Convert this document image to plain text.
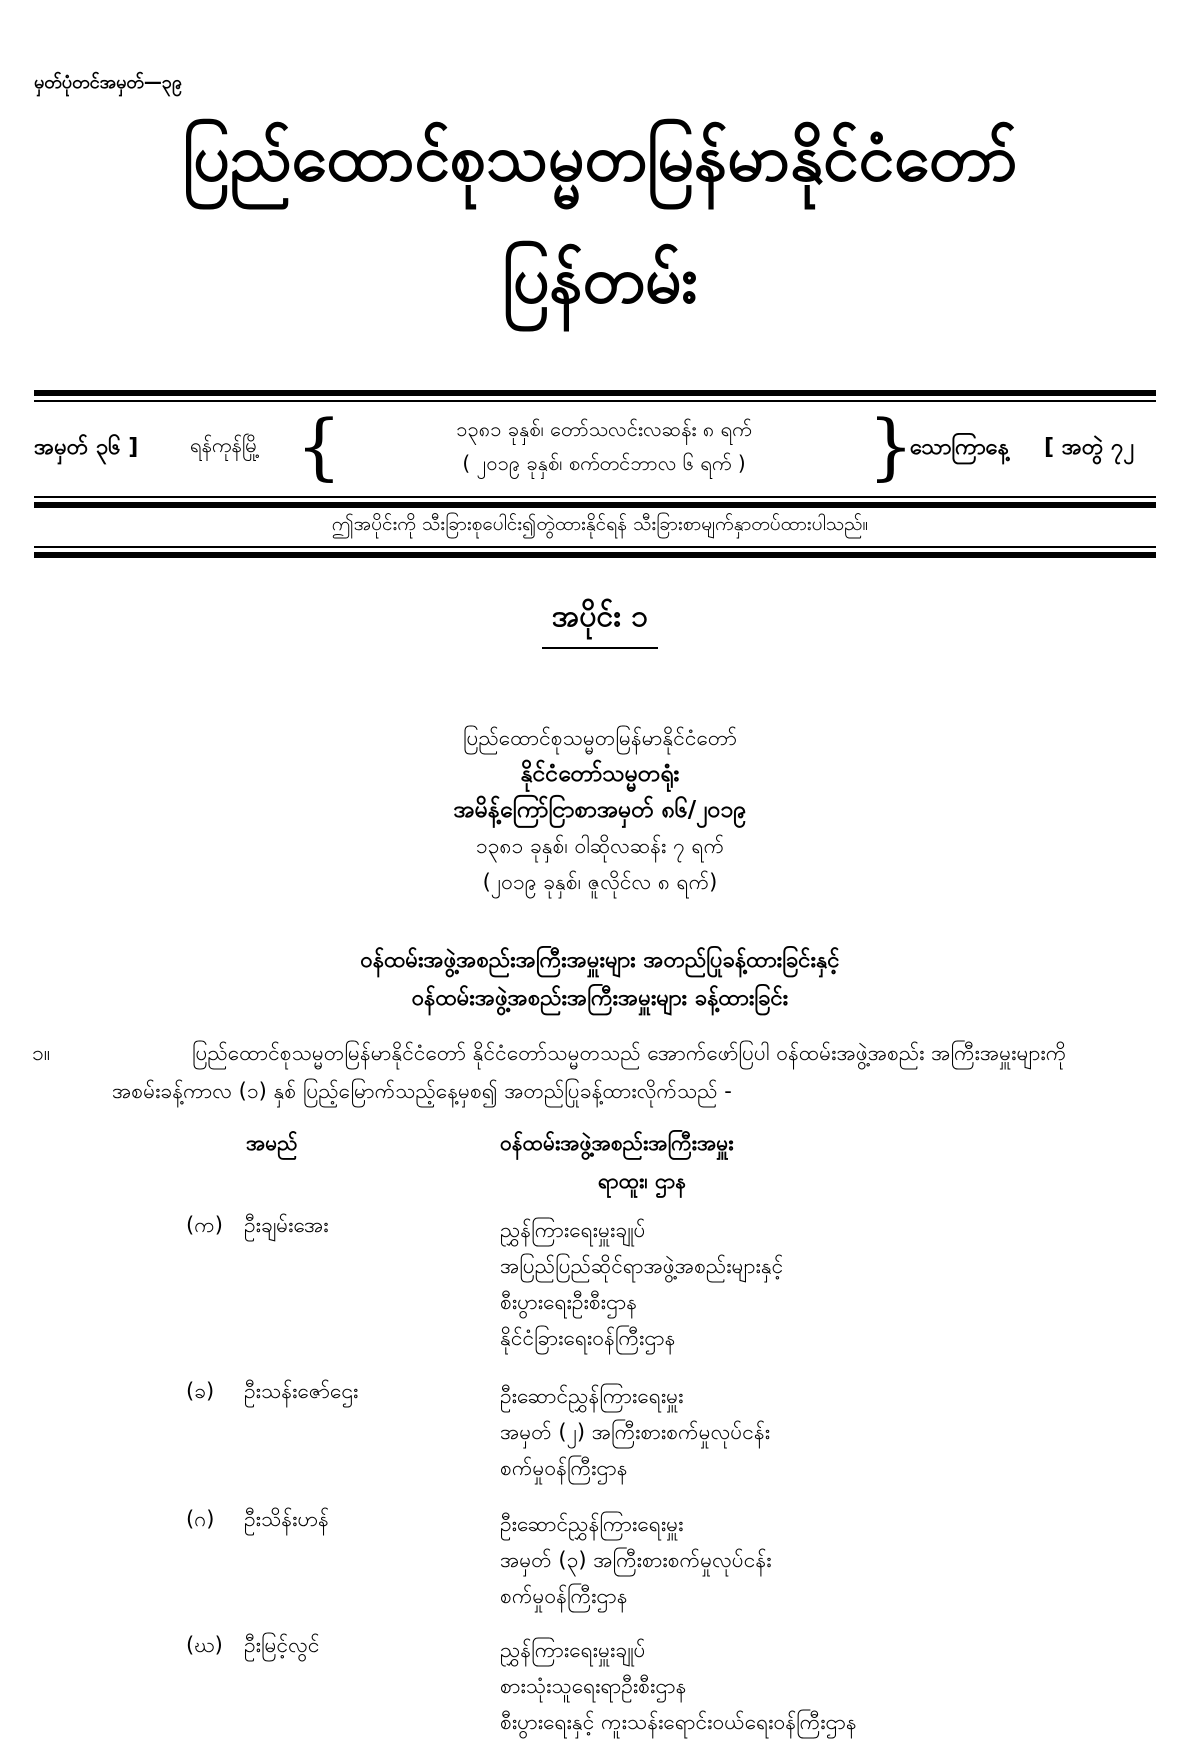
မှတ်ပုံတင်အမှတ်—၃၉
ပြည်ထောင်စုသမ္မတမြန်မာနိုင်ငံတော်
ပြန်တမ်း
အမှတ် ၃၆ ]	ရန်ကုန်မြို့ {	၁၃၈၁ ခုနှစ်၊ တော်သလင်းလဆန်း ၈ ရက်
( ၂၀၁၉ ခုနှစ်၊ စက်တင်ဘာလ ၆ ရက် )	}
သောကြာနေ့ [ အတွဲ ၇၂
ဤအပိုင်းကို သီးခြားစုပေါင်း၍တွဲထားနိုင်ရန် သီးခြားစာမျက်နှာတပ်ထားပါသည်။
အပိုင်း ၁
ပြည်ထောင်စုသမ္မတမြန်မာနိုင်ငံတော်
နိုင်ငံတော်သမ္မတရုံး
အမိန့်ကြော်ငြာစာအမှတ် ၈၆/၂၀၁၉
၁၃၈၁ ခုနှစ်၊ ဝါဆိုလဆန်း ၇ ရက်
(၂၀၁၉ ခုနှစ်၊ ဇူလိုင်လ ၈ ရက်)
ဝန်ထမ်းအဖွဲ့အစည်းအကြီးအမှူးများ အတည်ပြုခန့်ထားခြင်းနှင့်
ဝန်ထမ်းအဖွဲ့အစည်းအကြီးအမှူးများ ခန့်ထားခြင်း
၁။	ပြည်ထောင်စုသမ္မတမြန်မာနိုင်ငံတော် နိုင်ငံတော်သမ္မတသည် အောက်ဖော်ပြပါ ဝန်ထမ်းအဖွဲ့အစည်း အကြီးအမှူးများကို အစမ်းခန့်ကာလ (၁) နှစ် ပြည့်မြောက်သည့်နေ့မှစ၍ အတည်ပြုခန့်ထားလိုက်သည် -
အမည်	ဝန်ထမ်းအဖွဲ့အစည်းအကြီးအမှူး
ရာထူး၊ ဌာန
(က) ဦးချမ်းအေး	ညွှန်ကြားရေးမှူးချုပ်
အပြည်ပြည်ဆိုင်ရာအဖွဲ့အစည်းများနှင့်
စီးပွားရေးဦးစီးဌာန
နိုင်ငံခြားရေးဝန်ကြီးဌာန
(ခ) ဦးသန်းဇော်ဌေး	ဦးဆောင်ညွှန်ကြားရေးမှူး
အမှတ် (၂) အကြီးစားစက်မှုလုပ်ငန်း
စက်မှုဝန်ကြီးဌာန
(ဂ) ဦးသိန်းဟန်	ဦးဆောင်ညွှန်ကြားရေးမှူး
အမှတ် (၃) အကြီးစားစက်မှုလုပ်ငန်း
စက်မှုဝန်ကြီးဌာန
(ဃ) ဦးမြင့်လွင်	ညွှန်ကြားရေးမှူးချုပ်
စားသုံးသူရေးရာဦးစီးဌာန
စီးပွားရေးနှင့် ကူးသန်းရောင်းဝယ်ရေးဝန်ကြီးဌာန
